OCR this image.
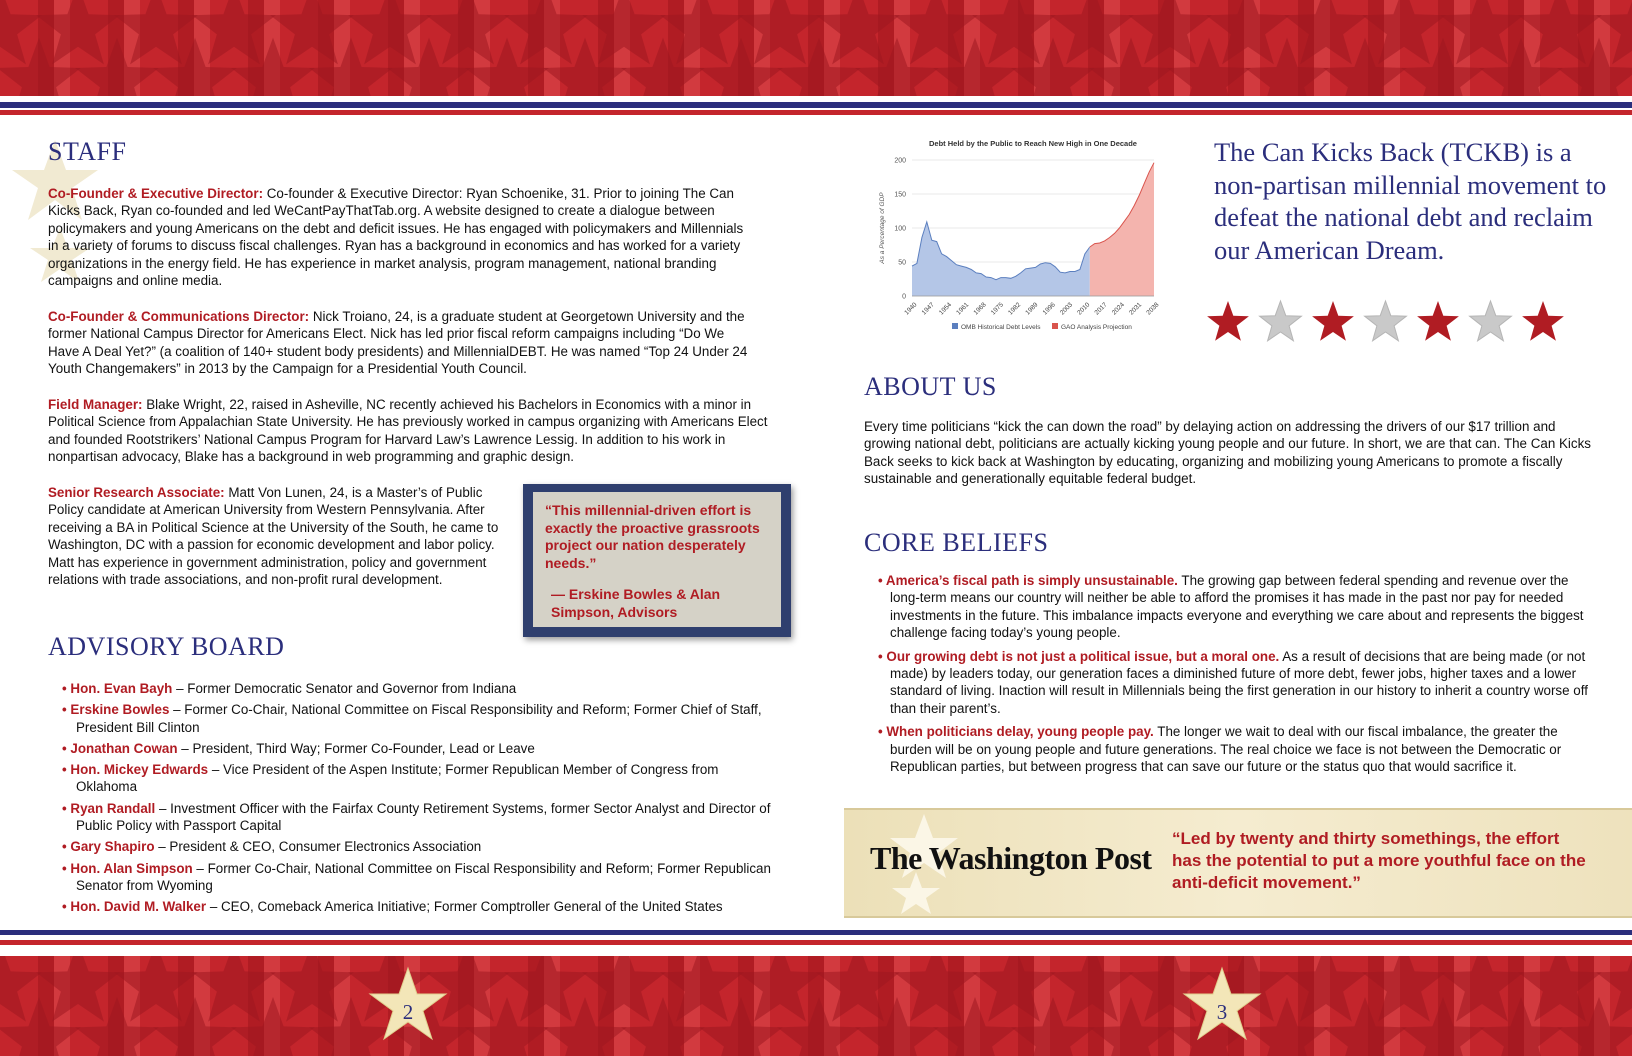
STAFF

Co-Founder & Executive Director: Co-founder & Executive Director: Ryan Schoenike, 31. Prior to joining The Can Kicks Back, Ryan co-founded and led WeCantPayThatTab.org. A website designed to create a dialogue between policymakers and young Americans on the debt and deficit issues. He has engaged with policymakers and Millennials in a variety of forums to discuss fiscal challenges. Ryan has a background in economics and has worked for a variety organizations in the energy field. He has experience in market analysis, program management, national branding campaigns and online media.

Co-Founder & Communications Director: Nick Troiano, 24, is a graduate student at Georgetown University and the former National Campus Director for Americans Elect. Nick has led prior fiscal reform campaigns including “Do We Have A Deal Yet?” (a coalition of 140+ student body presidents) and MillennialDEBT. He was named “Top 24 Under 24 Youth Changemakers” in 2013 by the Campaign for a Presidential Youth Council.

Field Manager: Blake Wright, 22, raised in Asheville, NC recently achieved his Bachelors in Economics with a minor in Political Science from Appalachian State University. He has previously worked in campus organizing with Americans Elect and founded Rootstrikers’ National Campus Program for Harvard Law’s Lawrence Lessig. In addition to his work in nonpartisan advocacy, Blake has a background in web programming and graphic design.

Senior Research Associate: Matt Von Lunen, 24, is a Master’s of Public Policy candidate at American University from Western Pennsylvania. After receiving a BA in Political Science at the University of the South, he came to Washington, DC with a passion for economic development and labor policy. Matt has experience in government administration, policy and government relations with trade associations, and non-profit rural development.

“This millennial-driven effort is exactly the proactive grassroots project our nation desperately needs.”
— Erskine Bowles & Alan Simpson, Advisors
ADVISORY BOARD
• Hon. Evan Bayh – Former Democratic Senator and Governor from Indiana
• Erskine Bowles – Former Co-Chair, National Committee on Fiscal Responsibility and Reform; Former Chief of Staff, President Bill Clinton
• Jonathan Cowan – President, Third Way; Former Co-Founder, Lead or Leave
• Hon. Mickey Edwards – Vice President of the Aspen Institute; Former Republican Member of Congress from Oklahoma
• Ryan Randall – Investment Officer with the Fairfax County Retirement Systems, former Sector Analyst and Director of Public Policy with Passport Capital
• Gary Shapiro – President & CEO, Consumer Electronics Association
• Hon. Alan Simpson – Former Co-Chair, National Committee on Fiscal Responsibility and Reform; Former Republican Senator from Wyoming
• Hon. David M. Walker – CEO, Comeback America Initiative; Former Comptroller General of the United States
Debt Held by the Public to Reach New High in One Decade
0
50
100
150
200
As a Percentage of GDP
1940 1947 1954 1961 1968 1975 1982 1989 1996 2003 2010 2017 2024 2031 2038
OMB Historical Debt Levels	GAO Analysis Projection

The Can Kicks Back (TCKB) is a non-partisan millennial movement to defeat the national debt and reclaim our American Dream.

ABOUT US

Every time politicians “kick the can down the road” by delaying action on addressing the drivers of our $17 trillion and growing national debt, politicians are actually kicking young people and our future. In short, we are that can. The Can Kicks Back seeks to kick back at Washington by educating, organizing and mobilizing young Americans to promote a fiscally sustainable and generationally equitable federal budget.

CORE BELIEFS
• America’s fiscal path is simply unsustainable. The growing gap between federal spending and revenue over the long-term means our country will neither be able to afford the promises it has made in the past nor pay for needed investments in the future. This imbalance impacts everyone and everything we care about and represents the biggest challenge facing today’s young people.
• Our growing debt is not just a political issue, but a moral one. As a result of decisions that are being made (or not made) by leaders today, our generation faces a diminished future of more debt, fewer jobs, higher taxes and a lower standard of living. Inaction will result in Millennials being the first generation in our history to inherit a country worse off than their parent’s.
• When politicians delay, young people pay. The longer we wait to deal with our fiscal imbalance, the greater the burden will be on young people and future generations. The real choice we face is not between the Democratic or Republican parties, but between progress that can save our future or the status quo that would sacrifice it.
The Washington Post

“Led by twenty and thirty somethings, the effort has the potential to put a more youthful face on the anti-deficit movement.”

2	3
